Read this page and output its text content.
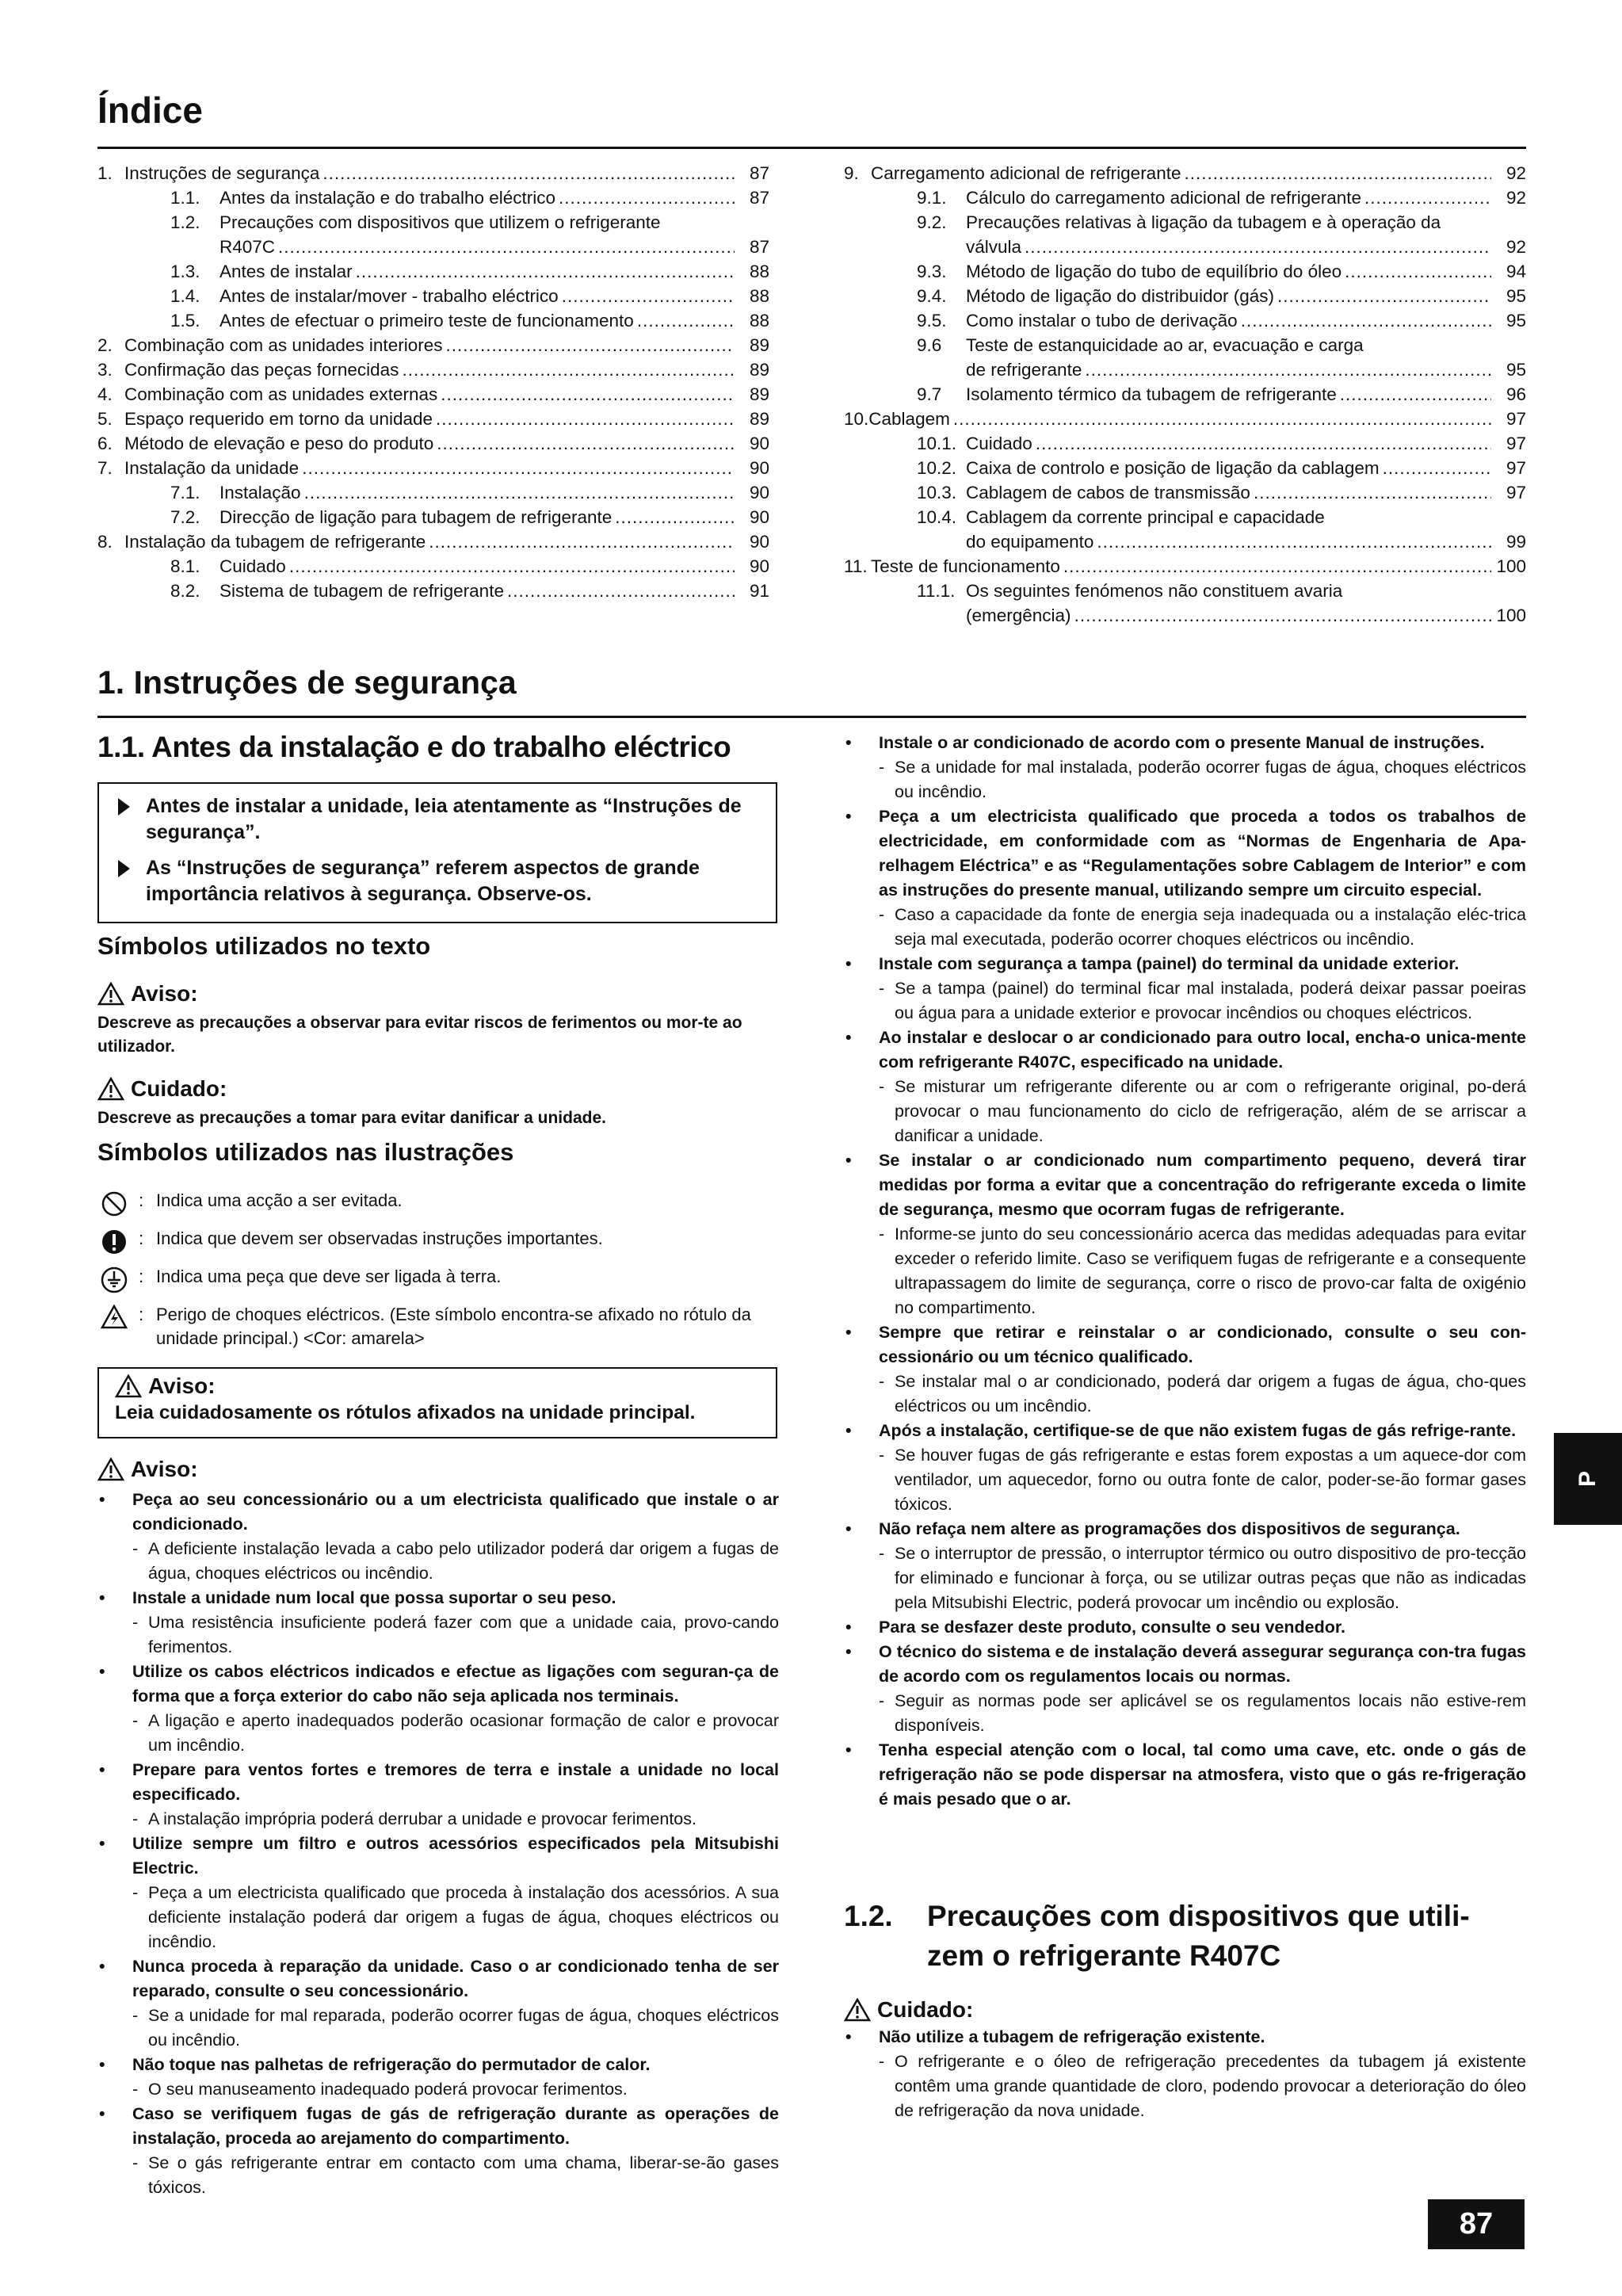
Índice
1. Instruções de segurança .....	87
1.1.	Antes da instalação e do trabalho eléctrico .....	87
1.2.	Precauções com dispositivos que utilizem o refrigerante
R407C .....	87
1.3.	Antes de instalar .....	88
1.4.	Antes de instalar/mover - trabalho eléctrico .....	88
1.5.	Antes de efectuar o primeiro teste de funcionamento .....	88
2. Combinação com as unidades interiores .....	89
3. Confirmação das peças fornecidas .....	89
4. Combinação com as unidades externas .....	89
5. Espaço requerido em torno da unidade .....	89
6. Método de elevação e peso do produto .....	90
7. Instalação da unidade .....	90
7.1.	Instalação .....	90
7.2.	Direcção de ligação para tubagem de refrigerante .....	90
8. Instalação da tubagem de refrigerante .....	90
8.1.	Cuidado .....	90
8.2.	Sistema de tubagem de refrigerante .....	91
9. Carregamento adicional de refrigerante .....	92
9.1.	Cálculo do carregamento adicional de refrigerante .....	92
9.2.	Precauções relativas à ligação da tubagem e à operação da
válvula .....	92
9.3.	Método de ligação do tubo de equilíbrio do óleo .....	94
9.4.	Método de ligação do distribuidor (gás) .....	95
9.5.	Como instalar o tubo de derivação .....	95
9.6	Teste de estanquicidade ao ar, evacuação e carga
de refrigerante .....	95
9.7	Isolamento térmico da tubagem de refrigerante .....	96
10. Cablagem .....	97
10.1. Cuidado .....	97
10.2. Caixa de controlo e posição de ligação da cablagem .....	97
10.3. Cablagem de cabos de transmissão .....	97
10.4. Cablagem da corrente principal e capacidade
do equipamento .....	99
11. Teste de funcionamento .....	100
11.1. Os seguintes fenómenos não constituem avaria
(emergência) .....	100
1. Instruções de segurança
1.1. Antes da instalação e do trabalho eléctrico

Antes de instalar a unidade, leia atentamente as “Instruções de segurança”.

As “Instruções de segurança” referem aspectos de grande importância relativos à segurança. Observe-os.

Símbolos utilizados no texto
Aviso:
Descreve as precauções a observar para evitar riscos de ferimentos ou mor-te ao utilizador.
Cuidado:
Descreve as precauções a tomar para evitar danificar a unidade.
Símbolos utilizados nas ilustrações
: Indica uma acção a ser evitada.
: Indica que devem ser observadas instruções importantes.
: Indica uma peça que deve ser ligada à terra.
: Perigo de choques eléctricos. (Este símbolo encontra-se afixado no rótulo da unidade principal.) <Cor: amarela>
Aviso:
Leia cuidadosamente os rótulos afixados na unidade principal.
Aviso:
•	Peça ao seu concessionário ou a um electricista qualificado que instale o ar condicionado.
- A deficiente instalação levada a cabo pelo utilizador poderá dar origem a fugas de água, choques eléctricos ou incêndio.
•	Instale a unidade num local que possa suportar o seu peso.
- Uma resistência insuficiente poderá fazer com que a unidade caia, provo-cando ferimentos.
•	Utilize os cabos eléctricos indicados e efectue as ligações com seguran-ça de forma que a força exterior do cabo não seja aplicada nos terminais.
- A ligação e aperto inadequados poderão ocasionar formação de calor e provocar um incêndio.
•	Prepare para ventos fortes e tremores de terra e instale a unidade no local especificado.
- A instalação imprópria poderá derrubar a unidade e provocar ferimentos.
•	Utilize sempre um filtro e outros acessórios especificados pela Mitsubishi Electric.
- Peça a um electricista qualificado que proceda à instalação dos acessórios. A sua deficiente instalação poderá dar origem a fugas de água, choques eléctricos ou incêndio.
•	Nunca proceda à reparação da unidade. Caso o ar condicionado tenha de ser reparado, consulte o seu concessionário.
- Se a unidade for mal reparada, poderão ocorrer fugas de água, choques eléctricos ou incêndio.
•	Não toque nas palhetas de refrigeração do permutador de calor.
- O seu manuseamento inadequado poderá provocar ferimentos.
•	Caso se verifiquem fugas de gás de refrigeração durante as operações de instalação, proceda ao arejamento do compartimento.
- Se o gás refrigerante entrar em contacto com uma chama, liberar-se-ão gases tóxicos.
•	Instale o ar condicionado de acordo com o presente Manual de instruções.
- Se a unidade for mal instalada, poderão ocorrer fugas de água, choques eléctricos ou incêndio.
•	Peça a um electricista qualificado que proceda a todos os trabalhos de electricidade, em conformidade com as “Normas de Engenharia de Apa-relhagem Eléctrica” e as “Regulamentações sobre Cablagem de Interior” e com as instruções do presente manual, utilizando sempre um circuito especial.
- Caso a capacidade da fonte de energia seja inadequada ou a instalação eléc-trica seja mal executada, poderão ocorrer choques eléctricos ou incêndio.
•	Instale com segurança a tampa (painel) do terminal da unidade exterior.
- Se a tampa (painel) do terminal ficar mal instalada, poderá deixar passar poeiras ou água para a unidade exterior e provocar incêndios ou choques eléctricos.
•	Ao instalar e deslocar o ar condicionado para outro local, encha-o unica-mente com refrigerante R407C, especificado na unidade.
- Se misturar um refrigerante diferente ou ar com o refrigerante original, po-derá provocar o mau funcionamento do ciclo de refrigeração, além de se arriscar a danificar a unidade.
•	Se instalar o ar condicionado num compartimento pequeno, deverá tirar medidas por forma a evitar que a concentração do refrigerante exceda o limite de segurança, mesmo que ocorram fugas de refrigerante.
- Informe-se junto do seu concessionário acerca das medidas adequadas para evitar exceder o referido limite. Caso se verifiquem fugas de refrigerante e a consequente ultrapassagem do limite de segurança, corre o risco de provo-car falta de oxigénio no compartimento.
•	Sempre que retirar e reinstalar o ar condicionado, consulte o seu con-cessionário ou um técnico qualificado.
- Se instalar mal o ar condicionado, poderá dar origem a fugas de água, cho-ques eléctricos ou um incêndio.
•	Após a instalação, certifique-se de que não existem fugas de gás refrige-rante.
- Se houver fugas de gás refrigerante e estas forem expostas a um aquece-dor com ventilador, um aquecedor, forno ou outra fonte de calor, poder-se-ão formar gases tóxicos.
•	Não refaça nem altere as programações dos dispositivos de segurança.
- Se o interruptor de pressão, o interruptor térmico ou outro dispositivo de pro-tecção for eliminado e funcionar à força, ou se utilizar outras peças que não as indicadas pela Mitsubishi Electric, poderá provocar um incêndio ou explosão.
•	Para se desfazer deste produto, consulte o seu vendedor.
•	O técnico do sistema e de instalação deverá assegurar segurança con-tra fugas de acordo com os regulamentos locais ou normas.
- Seguir as normas pode ser aplicável se os regulamentos locais não estive-rem disponíveis.
•	Tenha especial atenção com o local, tal como uma cave, etc. onde o gás de refrigeração não se pode dispersar na atmosfera, visto que o gás re-frigeração é mais pesado que o ar.
1.2.	Precauções com dispositivos que utili-
zem o refrigerante R407C
Cuidado:
•	Não utilize a tubagem de refrigeração existente.
- O refrigerante e o óleo de refrigeração precedentes da tubagem já existente contêm uma grande quantidade de cloro, podendo provocar a deterioração do óleo de refrigeração da nova unidade.
P
87
